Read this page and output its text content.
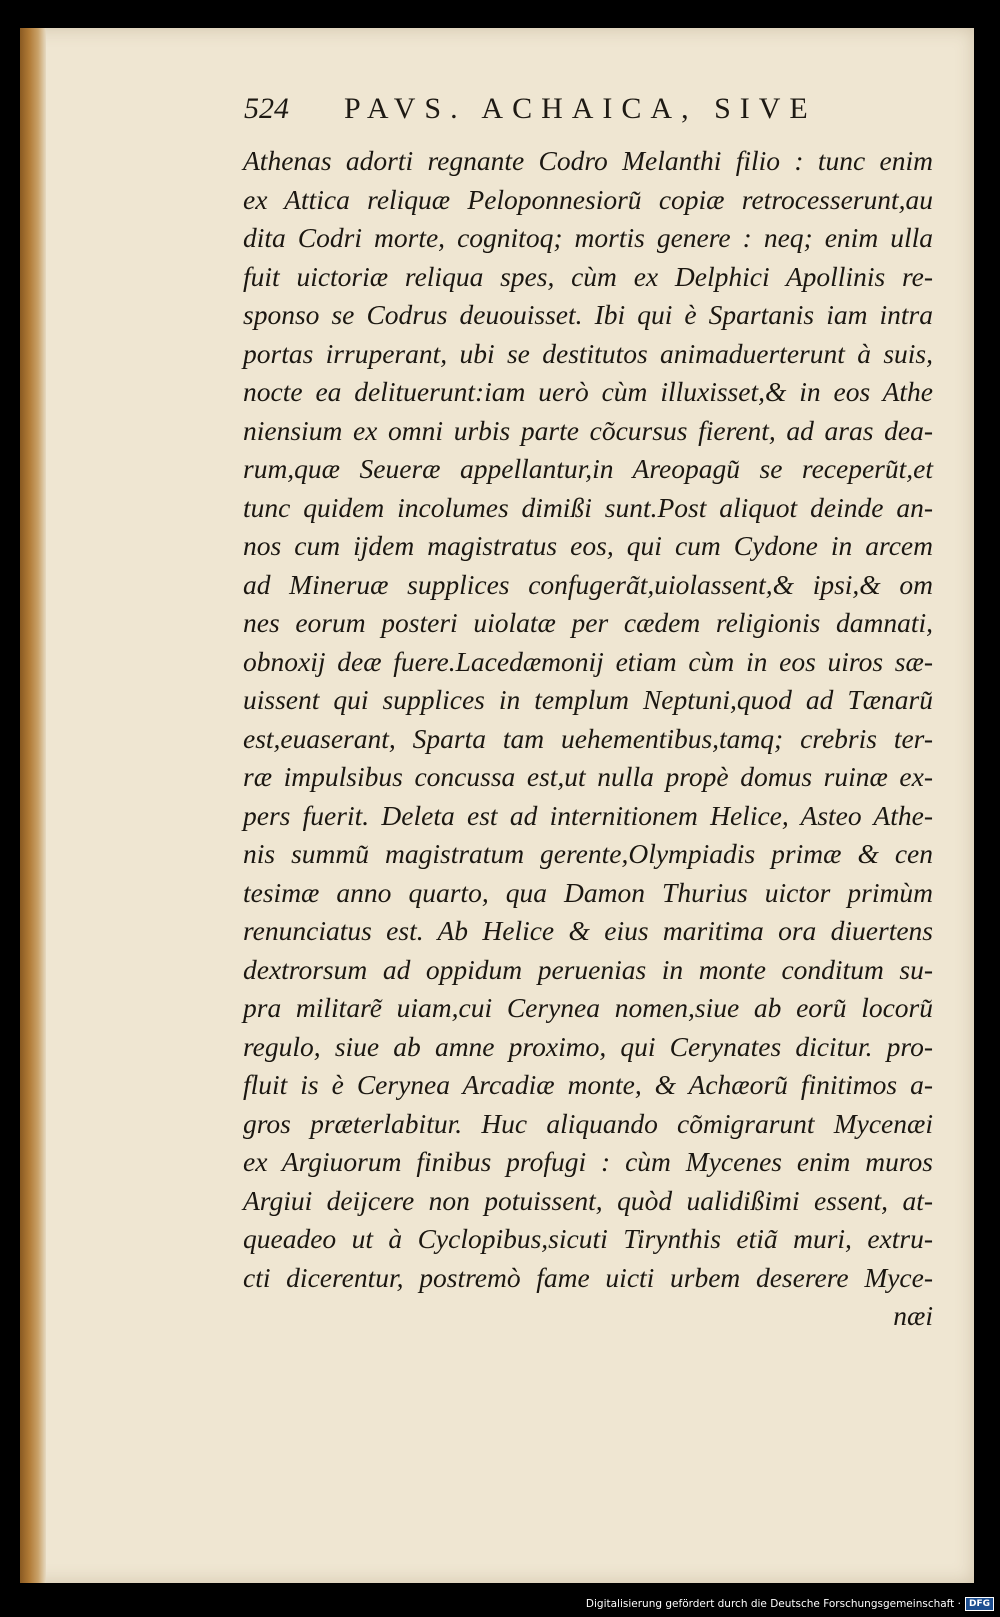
524	PAVS. ACHAICA, SIVE
Athenas adorti regnante Codro Melanthi filio : tunc enim
ex Attica reliquæ Peloponnesioru͂ copiæ retrocesserunt,au
dita Codri morte, cognitoq; mortis genere : neq; enim ulla
fuit uictoriæ reliqua spes, cùm ex Delphici Apollinis re-
sponso se Codrus deuouisset. Ibi qui è Spartanis iam intra
portas irruperant, ubi se destitutos animaduerterunt à suis,
nocte ea delituerunt:iam uerò cùm illuxisset,& in eos Athe
niensium ex omni urbis parte co͂cursus fierent, ad aras dea-
rum,quæ Seueræ appellantur,in Areopagu͂ se receperu͂t,et
tunc quidem incolumes dimißi sunt.Post aliquot deinde an-
nos cum ijdem magistratus eos, qui cum Cydone in arcem
ad Mineruæ supplices confugera͂t,uiolassent,& ipsi,& om
nes eorum posteri uiolatæ per cædem religionis damnati,
obnoxij deæ fuere.Lacedæmonij etiam cùm in eos uiros sæ-
uissent qui supplices in templum Neptuni,quod ad Tænaru͂
est,euaserant, Sparta tam uehementibus,tamq; crebris ter-
ræ impulsibus concussa est,ut nulla propè domus ruinæ ex-
pers fuerit. Deleta est ad internitionem Helice, Asteo Athe-
nis summu͂ magistratum gerente,Olympiadis primæ & cen
tesimæ anno quarto, qua Damon Thurius uictor primùm
renunciatus est. Ab Helice & eius maritima ora diuertens
dextrorsum ad oppidum peruenias in monte conditum su-
pra militare͂ uiam,cui Cerynea nomen,siue ab eoru͂ locoru͂
regulo, siue ab amne proximo, qui Cerynates dicitur. pro-
fluit is è Cerynea Arcadiæ monte, & Achæoru͂ finitimos a-
gros præterlabitur. Huc aliquando co͂migrarunt Mycenæi
ex Argiuorum finibus profugi : cùm Mycenes enim muros
Argiui deijcere non potuissent, quòd ualidißimi essent, at-
queadeo ut à Cyclopibus,sicuti Tirynthis etia͂ muri, extru-
cti dicerentur, postremò fame uicti urbem deserere Myce-
næi
Digitalisierung gefördert durch die Deutsche Forschungsgemeinschaft · DFG
